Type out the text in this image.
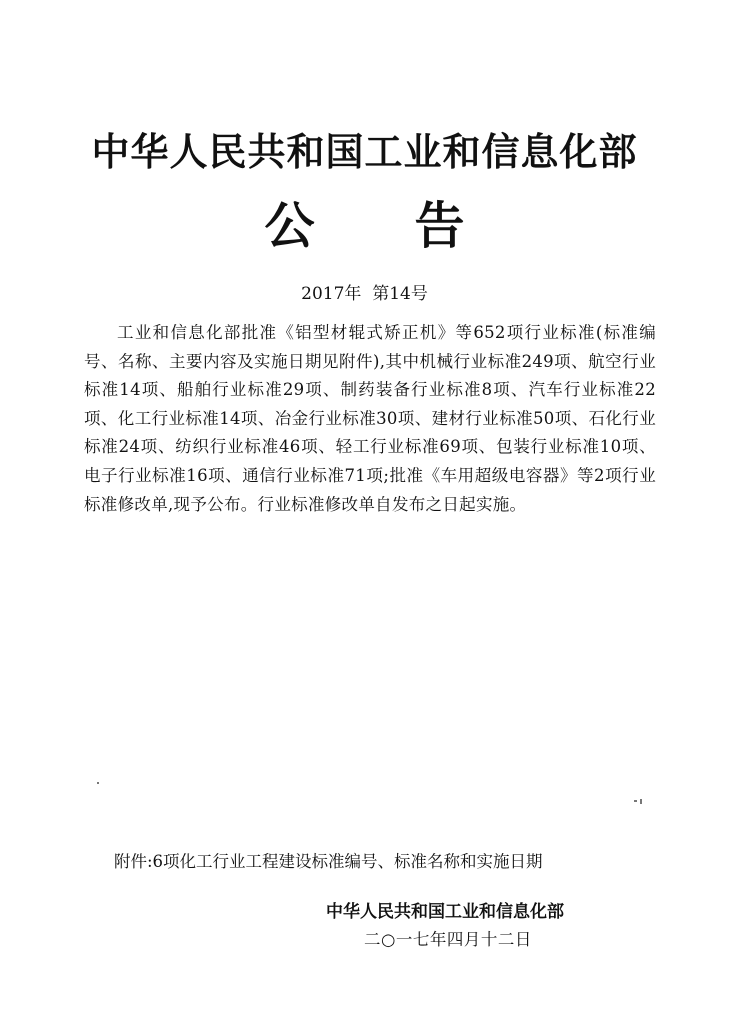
中华人民共和国工业和信息化部
公告
2017年  第14号
工业和信息化部批准《铝型材辊式矫正机》等652项行业标准(标准编号、名称、主要内容及实施日期见附件),其中机械行业标准249项、航空行业标准14项、船舶行业标准29项、制药装备行业标准8项、汽车行业标准22项、化工行业标准14项、冶金行业标准30项、建材行业标准50项、石化行业标准24项、纺织行业标准46项、轻工行业标准69项、包装行业标准10项、电子行业标准16项、通信行业标准71项;批准《车用超级电容器》等2项行业标准修改单,现予公布。行业标准修改单自发布之日起实施。
附件:6项化工行业工程建设标准编号、标准名称和实施日期
中华人民共和国工业和信息化部
二○一七年四月十二日
